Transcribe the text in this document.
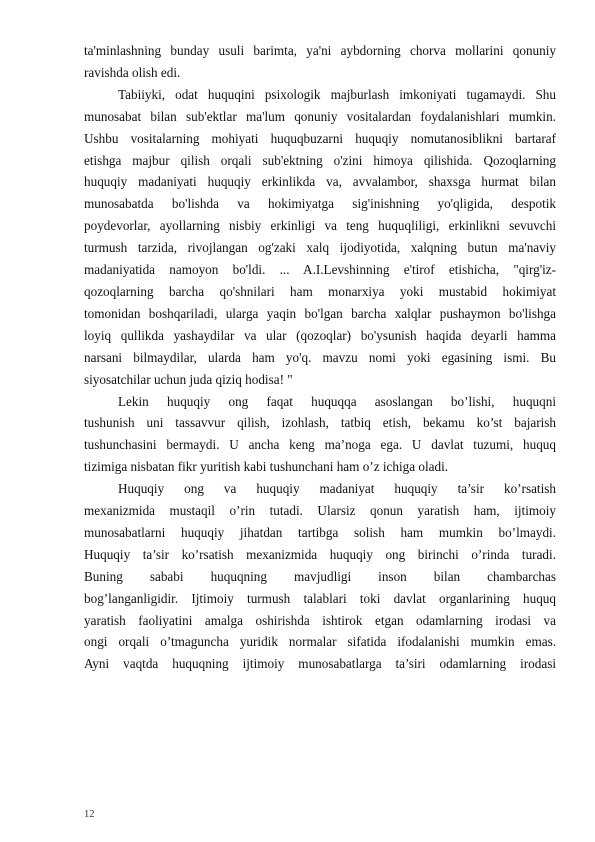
ta'minlashning bunday usuli barimta, ya'ni aybdorning chorva mollarini qonuniy
ravishda olish edi.

Tabiiyki, odat huquqini psixologik majburlash imkoniyati tugamaydi. Shu
munosabat bilan sub'ektlar ma'lum qonuniy vositalardan foydalanishlari mumkin.
Ushbu vositalarning mohiyati huquqbuzarni huquqiy nomutanosiblikni bartaraf
etishga majbur qilish orqali sub'ektning o'zini himoya qilishida. Qozoqlarning
huquqiy madaniyati huquqiy erkinlikda va, avvalambor, shaxsga hurmat bilan
munosabatda bo'lishda va hokimiyatga sig'inishning yo'qligida, despotik
poydevorlar, ayollarning nisbiy erkinligi va teng huquqliligi, erkinlikni sevuvchi
turmush tarzida, rivojlangan og'zaki xalq ijodiyotida, xalqning butun ma'naviy
madaniyatida namoyon bo'ldi. ... A.I.Levshinning e'tirof etishicha, "qirg'iz-
qozoqlarning barcha qo'shnilari ham monarxiya yoki mustabid hokimiyat
tomonidan boshqariladi, ularga yaqin bo'lgan barcha xalqlar pushaymon bo'lishga
loyiq qullikda yashaydilar va ular (qozoqlar) bo'ysunish haqida deyarli hamma
narsani bilmaydilar, ularda ham yo'q. mavzu nomi yoki egasining ismi. Bu
siyosatchilar uchun juda qiziq hodisa! "

Lekin huquqiy ong faqat huquqqa asoslangan bo’lishi, huquqni
tushunish uni tassavvur qilish, izohlash, tatbiq etish, bekamu ko’st bajarish
tushunchasini bermaydi. U ancha keng ma’noga ega. U davlat tuzumi, huquq
tizimiga nisbatan fikr yuritish kabi tushunchani ham o’z ichiga oladi.

Huquqiy ong va huquqiy madaniyat huquqiy ta’sir ko’rsatish
mexanizmida mustaqil o’rin tutadi. Ularsiz qonun yaratish ham, ijtimoiy
munosabatlarni huquqiy jihatdan tartibga solish ham mumkin bo’lmaydi.
Huquqiy ta’sir ko’rsatish mexanizmida huquqiy ong birinchi o’rinda turadi.
Buning sababi huquqning mavjudligi inson bilan chambarchas
bog’langanligidir. Ijtimoiy turmush talablari toki davlat organlarining huquq
yaratish faoliyatini amalga oshirishda ishtirok etgan odamlarning irodasi va
ongi orqali o’tmaguncha yuridik normalar sifatida ifodalanishi mumkin emas.
Ayni vaqtda huquqning ijtimoiy munosabatlarga ta’siri odamlarning irodasi

12
